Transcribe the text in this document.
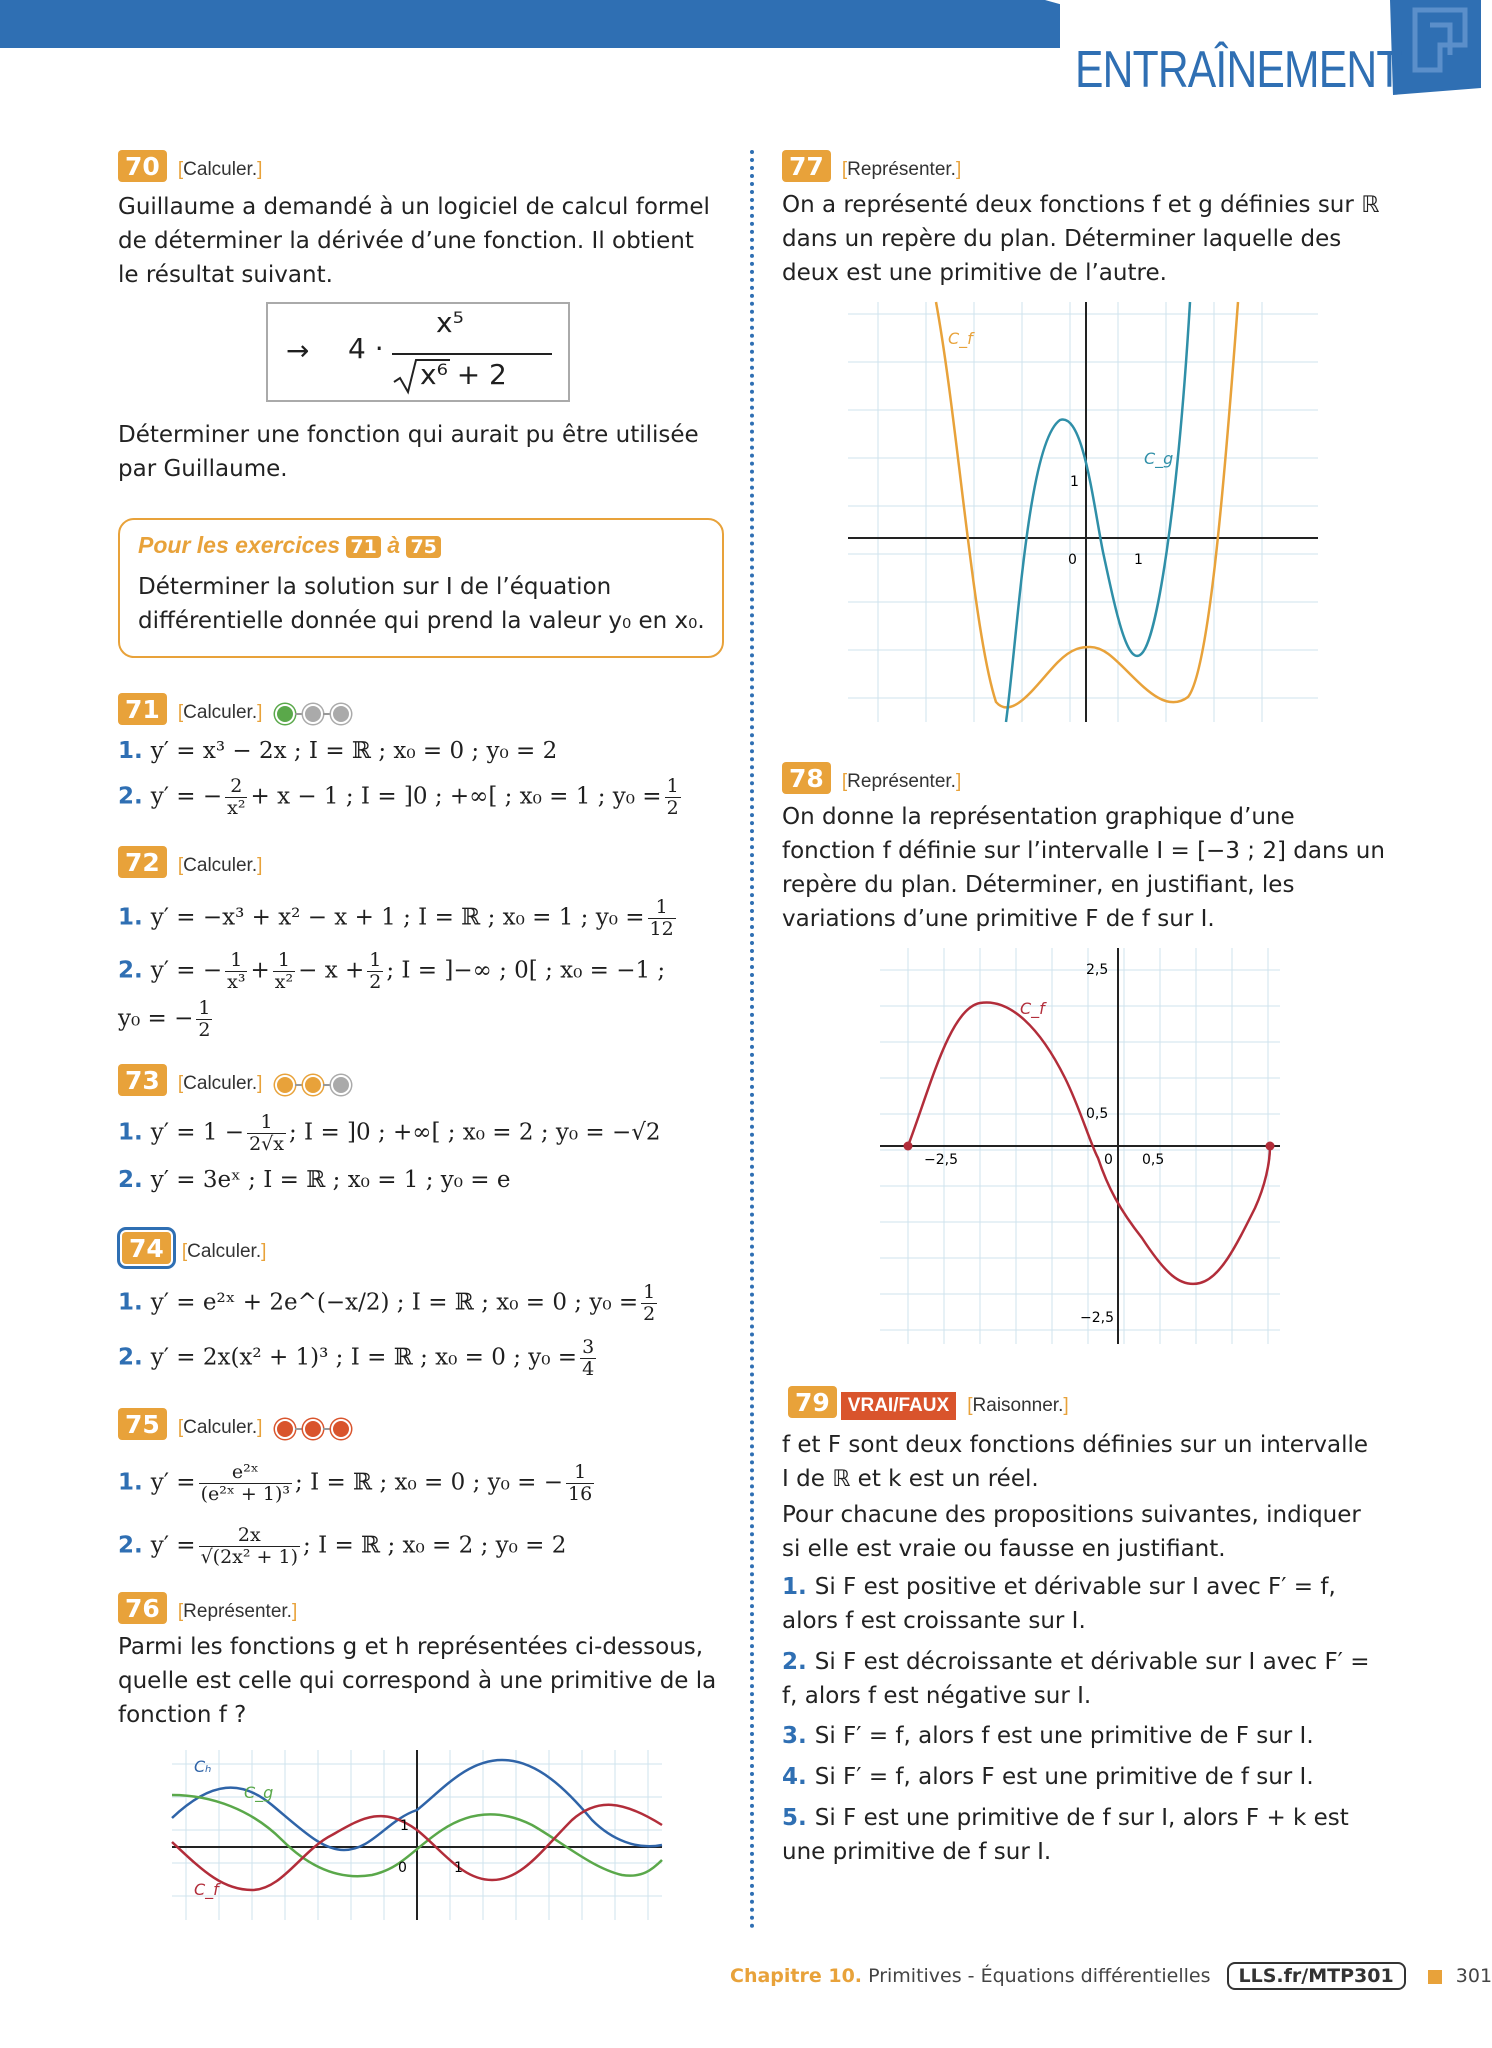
ENTRAÎNEMENT
70 [Calculer.]
Guillaume a demandé à un logiciel de calcul formel de déterminer la dérivée d’une fonction. Il obtient le résultat suivant.
→ 4 ·
x⁵
x⁶ + 2
Déterminer une fonction qui aurait pu être utilisée par Guillaume.
Pour les exercices 71 à 75
Déterminer la solution sur I de l’équation différentielle donnée qui prend la valeur y₀ en x₀.
71 [Calculer.]
1. y′ = x³ − 2x ; I = ℝ ; x₀ = 0 ; y₀ = 2
2. y′ = − $\frac{2}{\text{x²}} + x - 1$ ; I = ]0 ; +∞[ ; x₀ = 1 ; $y_0 = \frac{1}{2}$
72 [Calculer.]
1. y′ = −x³ + x² − x + 1 ; I = ℝ ; x₀ = 1 ; $y_0 = \frac{1}{12}$
2. y′ = − $\frac{1}{\text{x³}} + \frac{1}{\text{x²}} - x + \frac{1}{2}$ ; I = ]−∞ ; 0[ ; x₀ = −1 ;
y₀ = − $\frac{1}{2}$
73 [Calculer.]
1. $y' = 1 - \frac{1}{2√x}$ ; I = ]0 ; +∞[ ; x₀ = 2 ; y₀ = −√2
2. y′ = 3eˣ ; I = ℝ ; x₀ = 1 ; y₀ = e
74 [Calculer.]
1. y′ = e²ˣ + 2e^(−x/2) ; I = ℝ ; x₀ = 0 ; $y_0 = \frac{1}{2}$
2. y′ = 2x(x² + 1)³ ; I = ℝ ; x₀ = 0 ; $y_0 = \frac{3}{4}$
75 [Calculer.]
1. $y' = \frac{\text{e²ˣ}}{\text{(e²ˣ + 1)³}}$ ; I = ℝ ; x₀ = 0 ; y₀ = − $\frac{1}{16}$
2. $y' = \frac{2x}{\text{√(2x² + 1)}}$ ; I = ℝ ; x₀ = 2 ; y₀ = 2
76 [Représenter.]
Parmi les fonctions g et h représentées ci-dessous, quelle est celle qui correspond à une primitive de la fonction f ?
Cₕ
C_g
C_f
1
0	1
77 [Représenter.]
On a représenté deux fonctions f et g définies sur ℝ dans un repère du plan. Déterminer laquelle des deux est une primitive de l’autre.
C_f
C_g
1
0	1
78 [Représenter.]
On donne la représentation graphique d’une fonction f définie sur l’intervalle I = [−3 ; 2] dans un repère du plan. Déterminer, en justifiant, les variations d’une primitive F de f sur I.
C_f
2,5
0,5
−2,5
−2,5	0 0,5
79 VRAI/FAUX [Raisonner.]
f et F sont deux fonctions définies sur un intervalle I de ℝ et k est un réel.
Pour chacune des propositions suivantes, indiquer si elle est vraie ou fausse en justifiant.
1. Si F est positive et dérivable sur I avec F′ = f, alors f est croissante sur I.
2. Si F est décroissante et dérivable sur I avec F′ = f, alors f est négative sur I.
3. Si F′ = f, alors f est une primitive de F sur I.
4. Si F′ = f, alors F est une primitive de f sur I.
5. Si F est une primitive de f sur I, alors F + k est une primitive de f sur I.
Chapitre 10. Primitives - Équations différentielles LLS.fr/MTP301	301
